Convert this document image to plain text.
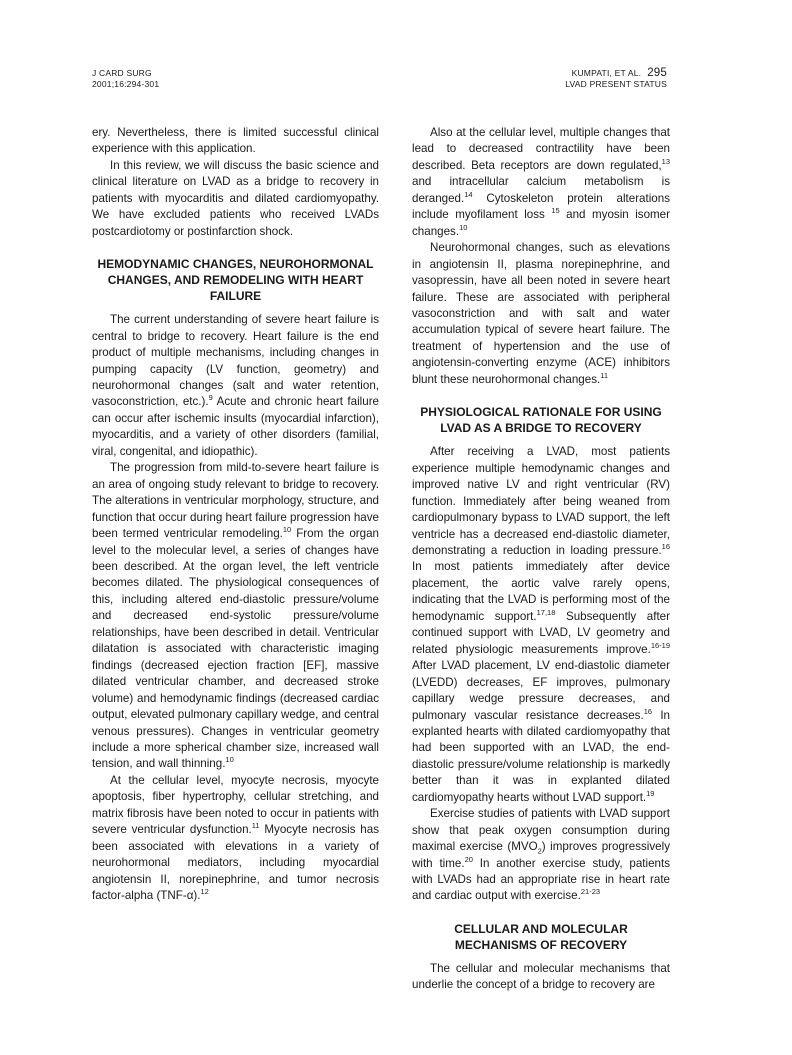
J CARD SURG
2001;16:294-301
KUMPATI, ET AL. 295
LVAD PRESENT STATUS

ery. Nevertheless, there is limited successful clinical experience with this application.

In this review, we will discuss the basic science and clinical literature on LVAD as a bridge to recovery in patients with myocarditis and dilated cardiomyopathy. We have excluded patients who received LVADs postcardiotomy or postinfarction shock.

HEMODYNAMIC CHANGES, NEUROHORMONAL CHANGES, AND REMODELING WITH HEART FAILURE

The current understanding of severe heart failure is central to bridge to recovery. Heart failure is the end product of multiple mechanisms, including changes in pumping capacity (LV function, geometry) and neurohormonal changes (salt and water retention, vasoconstriction, etc.).$^9$ Acute and chronic heart failure can occur after ischemic insults (myocardial infarction), myocarditis, and a variety of other disorders (familial, viral, congenital, and idiopathic).

The progression from mild-to-severe heart failure is an area of ongoing study relevant to bridge to recovery. The alterations in ventricular morphology, structure, and function that occur during heart failure progression have been termed ventricular remodeling.$^{10}$ From the organ level to the molecular level, a series of changes have been described. At the organ level, the left ventricle becomes dilated. The physiological consequences of this, including altered end-diastolic pressure/volume and decreased end-systolic pressure/volume relationships, have been described in detail. Ventricular dilatation is associated with characteristic imaging findings (decreased ejection fraction [EF], massive dilated ventricular chamber, and decreased stroke volume) and hemodynamic findings (decreased cardiac output, elevated pulmonary capillary wedge, and central venous pressures). Changes in ventricular geometry include a more spherical chamber size, increased wall tension, and wall thinning.$^{10}$

At the cellular level, myocyte necrosis, myocyte apoptosis, fiber hypertrophy, cellular stretching, and matrix fibrosis have been noted to occur in patients with severe ventricular dysfunction.$^{11}$ Myocyte necrosis has been associated with elevations in a variety of neurohormonal mediators, including myocardial angiotensin II, norepinephrine, and tumor necrosis factor-alpha (TNF-α).$^{12}$

Also at the cellular level, multiple changes that lead to decreased contractility have been described. Beta receptors are down regulated,$^{13}$ and intracellular calcium metabolism is deranged.$^{14}$ Cytoskeleton protein alterations include myofilament loss $^{15}$ and myosin isomer changes.$^{10}$

Neurohormonal changes, such as elevations in angiotensin II, plasma norepinephrine, and vasopressin, have all been noted in severe heart failure. These are associated with peripheral vasoconstriction and with salt and water accumulation typical of severe heart failure. The treatment of hypertension and the use of angiotensin-converting enzyme (ACE) inhibitors blunt these neurohormonal changes.$^{11}$

PHYSIOLOGICAL RATIONALE FOR USING LVAD AS A BRIDGE TO RECOVERY

After receiving a LVAD, most patients experience multiple hemodynamic changes and improved native LV and right ventricular (RV) function. Immediately after being weaned from cardiopulmonary bypass to LVAD support, the left ventricle has a decreased end-diastolic diameter, demonstrating a reduction in loading pressure.$^{16}$ In most patients immediately after device placement, the aortic valve rarely opens, indicating that the LVAD is performing most of the hemodynamic support.$^{17,18}$ Subsequently after continued support with LVAD, LV geometry and related physiologic measurements improve.$^{16-19}$ After LVAD placement, LV end-diastolic diameter (LVEDD) decreases, EF improves, pulmonary capillary wedge pressure decreases, and pulmonary vascular resistance decreases.$^{16}$ In explanted hearts with dilated cardiomyopathy that had been supported with an LVAD, the end-diastolic pressure/volume relationship is markedly better than it was in explanted dilated cardiomyopathy hearts without LVAD support.$^{19}$

Exercise studies of patients with LVAD support show that peak oxygen consumption during maximal exercise $(MVO_2)$ improves progressively with time.$^{20}$ In another exercise study, patients with LVADs had an appropriate rise in heart rate and cardiac output with exercise.$^{21-23}$

CELLULAR AND MOLECULAR MECHANISMS OF RECOVERY

The cellular and molecular mechanisms that underlie the concept of a bridge to recovery are
